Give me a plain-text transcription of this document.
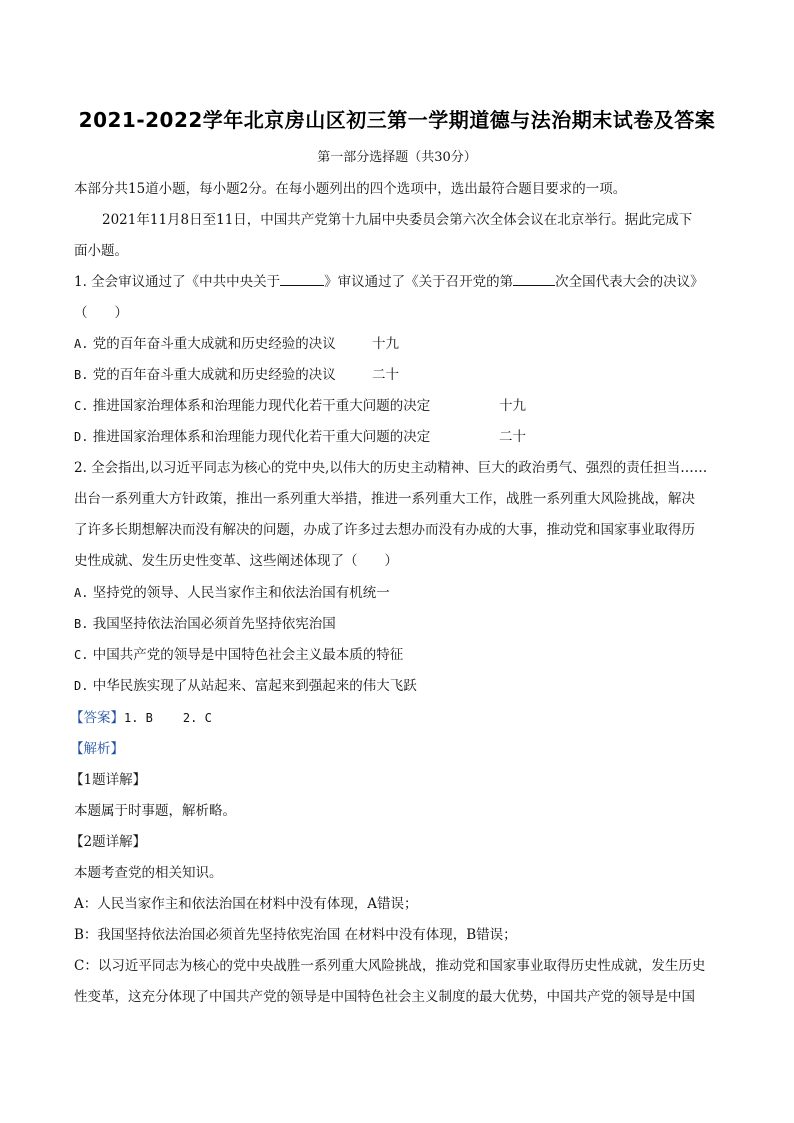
2021-2022学年北京房山区初三第一学期道德与法治期末试卷及答案
第一部分选择题（共30分）
本部分共15道小题，每小题2分。在每小题列出的四个选项中，选出最符合题目要求的一项。
2021年11月8日至11日，中国共产党第十九届中央委员会第六次全体会议在北京举行。据此完成下
面小题。
1. 全会审议通过了《中共中央关于	》审议通过了《关于召开党的第	次全国代表大会的决议》
（　　）
A. 党的百年奋斗重大成就和历史经验的决议	十九
B. 党的百年奋斗重大成就和历史经验的决议	二十
C. 推进国家治理体系和治理能力现代化若干重大问题的决定	十九
D. 推进国家治理体系和治理能力现代化若干重大问题的决定	二十
2. 全会指出,以习近平同志为核心的党中央,以伟大的历史主动精神、巨大的政治勇气、强烈的责任担当……
出台一系列重大方针政策，推出一系列重大举措，推进一系列重大工作，战胜一系列重大风险挑战，解决
了许多长期想解决而没有解决的问题，办成了许多过去想办而没有办成的大事，推动党和国家事业取得历
史性成就、发生历史性变革、这些阐述体现了（　　）
A. 坚持党的领导、人民当家作主和依法治国有机统一
B. 我国坚持依法治国必须首先坚持依宪治国
C. 中国共产党的领导是中国特色社会主义最本质的特征
D. 中华民族实现了从站起来、富起来到强起来的伟大飞跃
【答案】1. B	2. C
【解析】
【1题详解】
本题属于时事题，解析略。
【2题详解】
本题考查党的相关知识。
A：人民当家作主和依法治国在材料中没有体现，A错误；
B：我国坚持依法治国必须首先坚持依宪治国 在材料中没有体现，B错误；
C：以习近平同志为核心的党中央战胜一系列重大风险挑战，推动党和国家事业取得历史性成就，发生历史
性变革，这充分体现了中国共产党的领导是中国特色社会主义制度的最大优势，中国共产党的领导是中国
